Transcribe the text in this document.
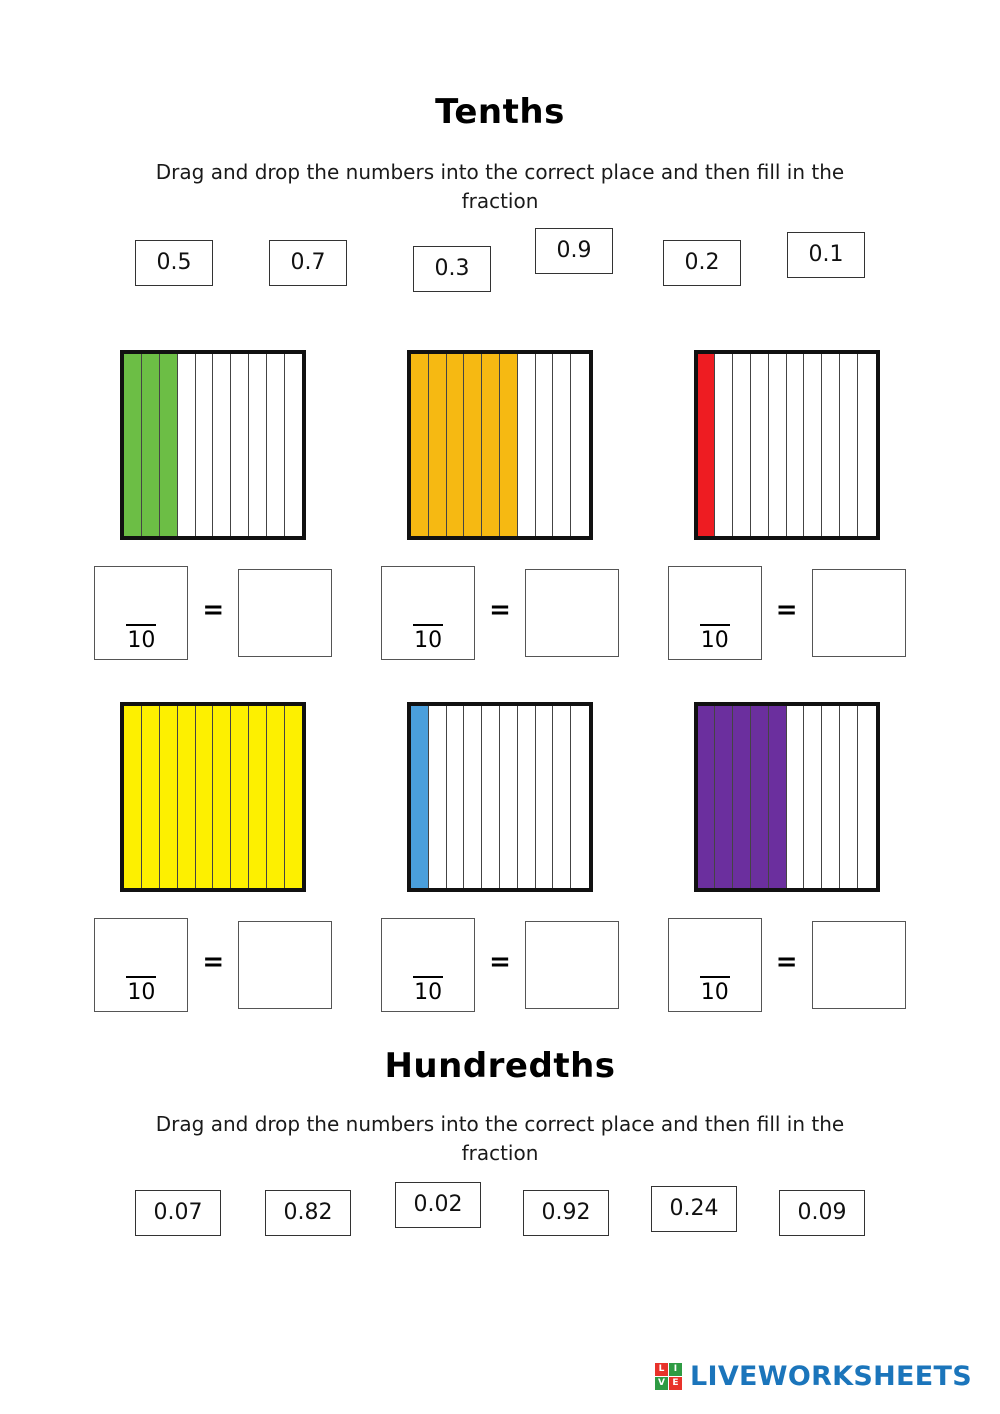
Tenths
Drag and drop the numbers into the correct place and then fill in the fraction
0.5	0.7	0.3
0.9	0.2	0.1
10
=
10
=
10
=
10
=
10
=
10
=
Hundredths
Drag and drop the numbers into the correct place and then fill in the fraction
0.07	0.82	0.02	0.92	0.24	0.09
L	I
V E LIVEWORKSHEETS
